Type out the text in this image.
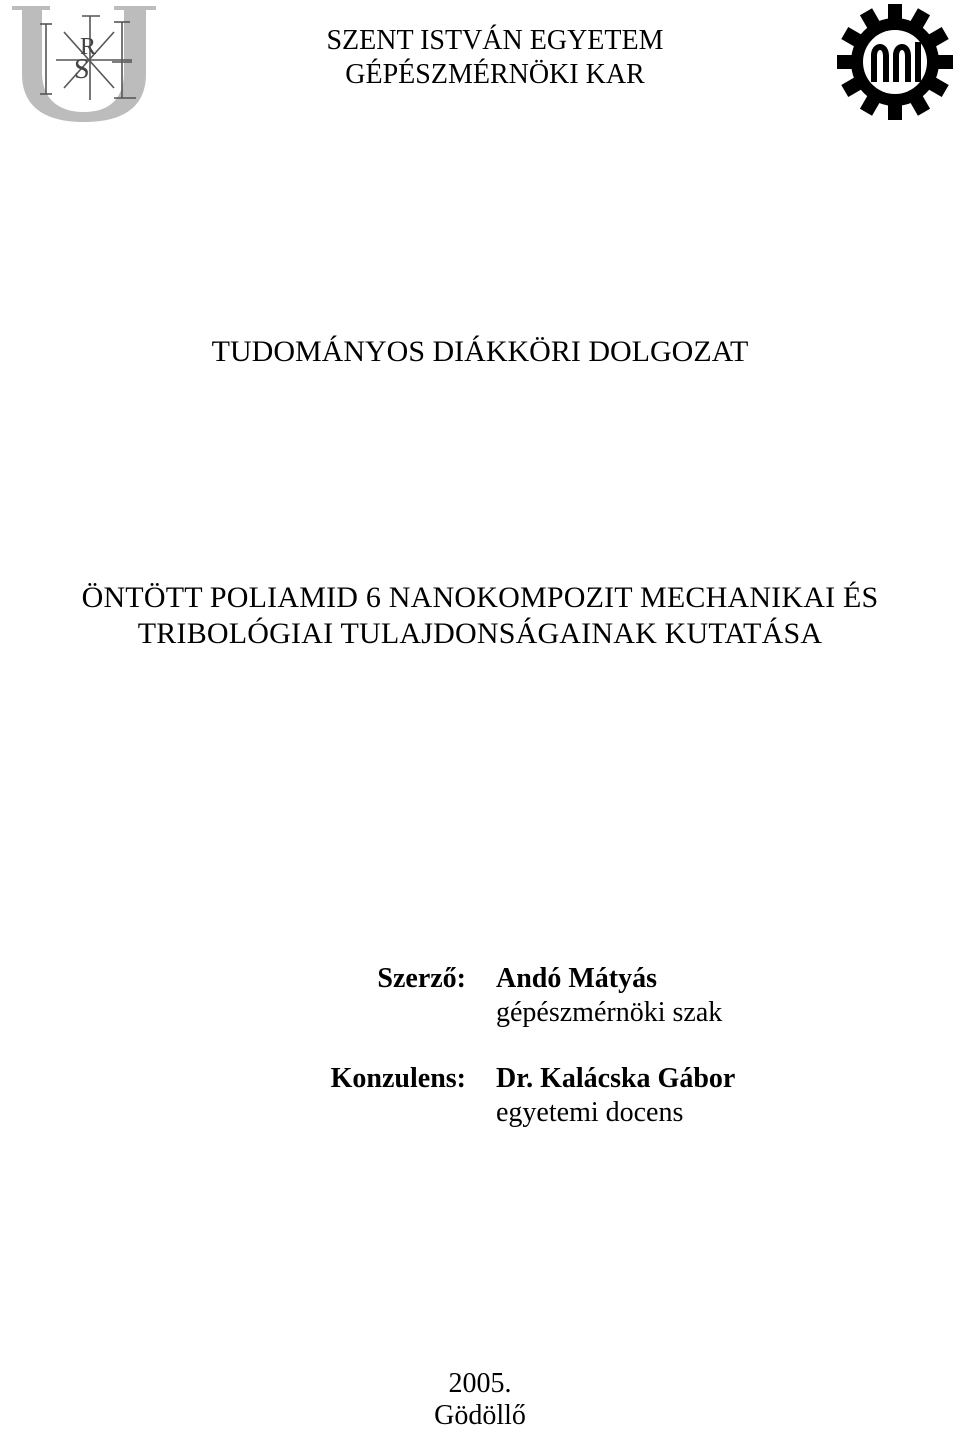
R
S
SZENT ISTVÁN EGYETEM
GÉPÉSZMÉRNÖKI KAR
TUDOMÁNYOS DIÁKKÖRI DOLGOZAT
ÖNTÖTT POLIAMID 6 NANOKOMPOZIT MECHANIKAI ÉS
TRIBOLÓGIAI TULAJDONSÁGAINAK KUTATÁSA
Szerző: Andó Mátyás
gépészmérnöki szak
Konzulens: Dr. Kalácska Gábor
egyetemi docens
2005.
Gödöllő
